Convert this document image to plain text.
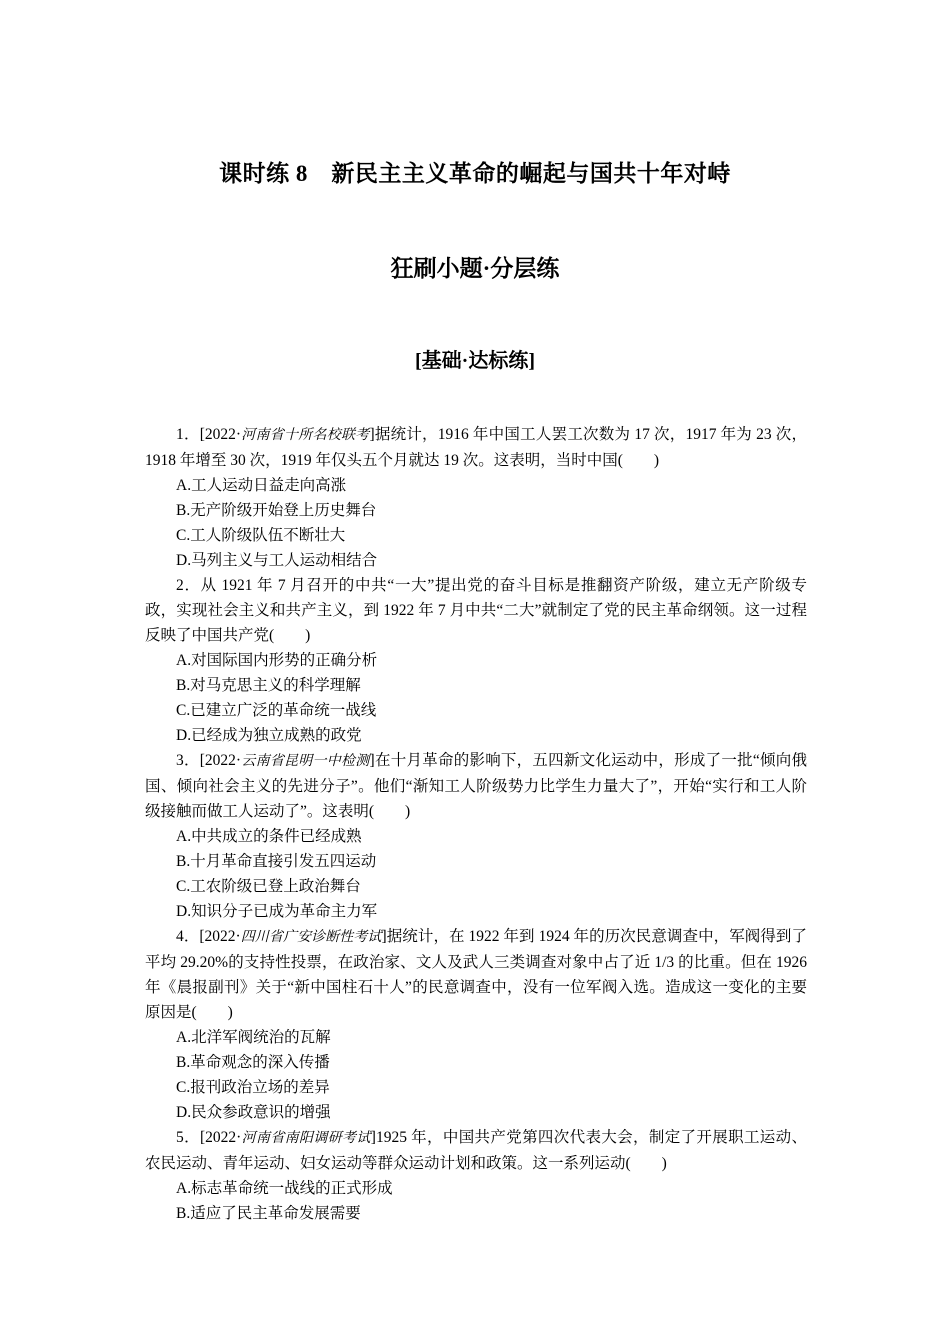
课时练 8　新民主主义革命的崛起与国共十年对峙
狂刷小题·分层练
[基础·达标练]

1．[2022·河南省十所名校联考]据统计，1916 年中国工人罢工次数为 17 次，1917 年为 23 次，1918 年增至 30 次，1919 年仅头五个月就达 19 次。这表明，当时中国(　　)

A.工人运动日益走向高涨

B.无产阶级开始登上历史舞台

C.工人阶级队伍不断壮大

D.马列主义与工人运动相结合

2．从 1921 年 7 月召开的中共“一大”提出党的奋斗目标是推翻资产阶级，建立无产阶级专政，实现社会主义和共产主义，到 1922 年 7 月中共“二大”就制定了党的民主革命纲领。这一过程反映了中国共产党(　　)

A.对国际国内形势的正确分析

B.对马克思主义的科学理解

C.已建立广泛的革命统一战线

D.已经成为独立成熟的政党

3．[2022·云南省昆明一中检测]在十月革命的影响下，五四新文化运动中，形成了一批“倾向俄国、倾向社会主义的先进分子”。他们“渐知工人阶级势力比学生力量大了”，开始“实行和工人阶级接触而做工人运动了”。这表明(　　)

A.中共成立的条件已经成熟

B.十月革命直接引发五四运动

C.工农阶级已登上政治舞台

D.知识分子已成为革命主力军

4．[2022·四川省广安诊断性考试]据统计，在 1922 年到 1924 年的历次民意调查中，军阀得到了平均 29.20%的支持性投票，在政治家、文人及武人三类调查对象中占了近 1/3 的比重。但在 1926 年《晨报副刊》关于“新中国柱石十人”的民意调查中，没有一位军阀入选。造成这一变化的主要原因是(　　)

A.北洋军阀统治的瓦解

B.革命观念的深入传播

C.报刊政治立场的差异

D.民众参政意识的增强

5．[2022·河南省南阳调研考试]1925 年，中国共产党第四次代表大会，制定了开展职工运动、农民运动、青年运动、妇女运动等群众运动计划和政策。这一系列运动(　　)

A.标志革命统一战线的正式形成

B.适应了民主革命发展需要
